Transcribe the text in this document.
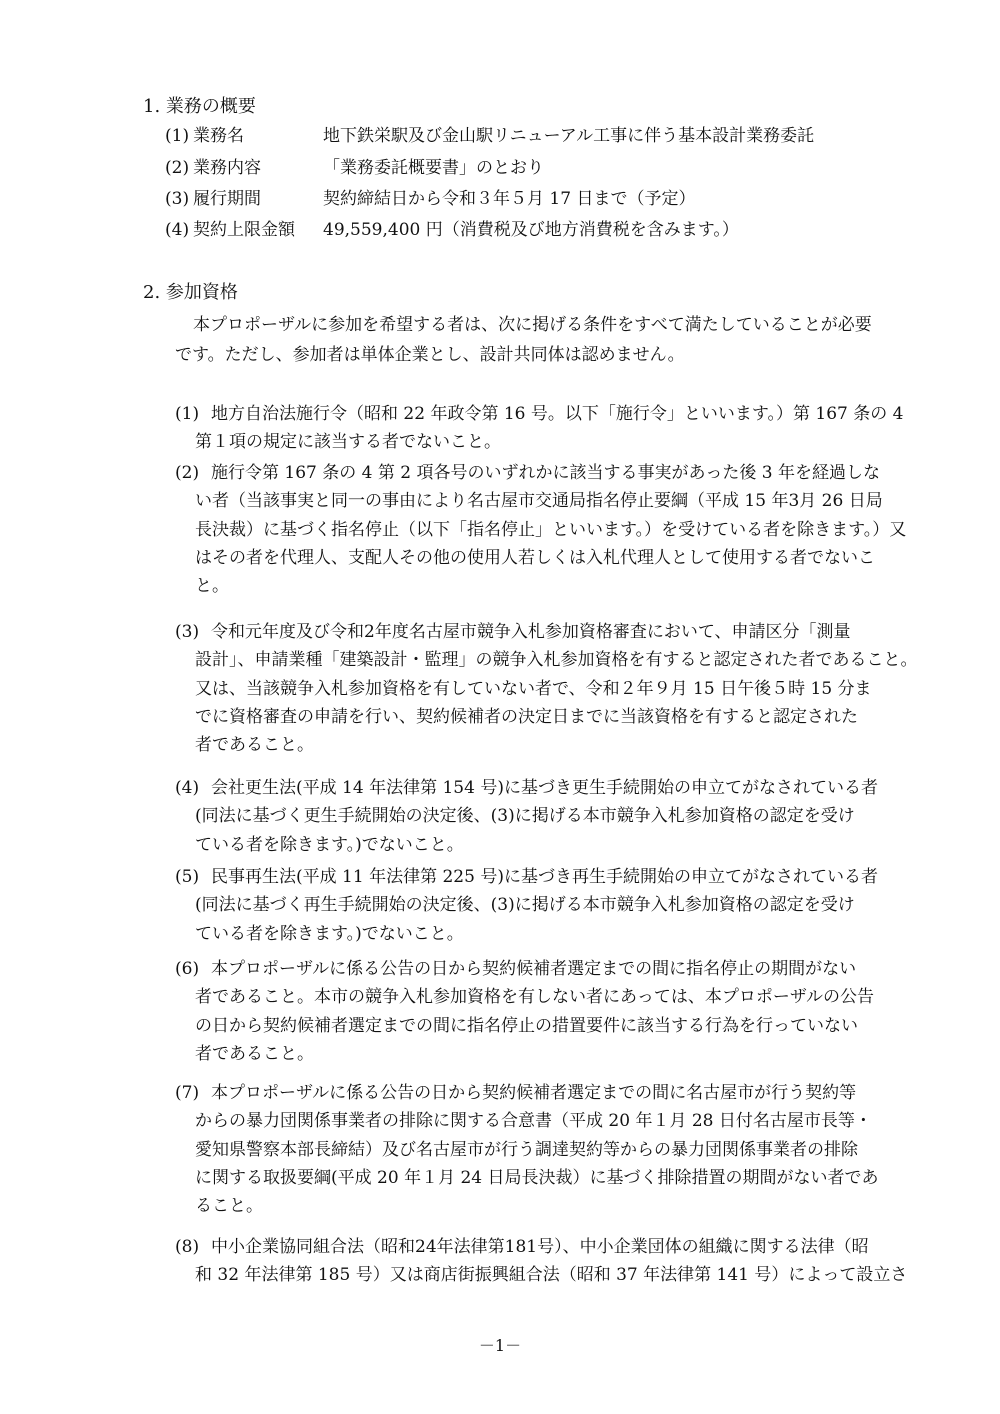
1. 業務の概要
(1) 業務名	地下鉄栄駅及び金山駅リニューアル工事に伴う基本設計業務委託
(2) 業務内容	「業務委託概要書」のとおり
(3) 履行期間	契約締結日から令和３年５月 17 日まで（予定）
(4) 契約上限金額 49,559,400 円（消費税及び地方消費税を含みます。）
2. 参加資格
本プロポーザルに参加を希望する者は、次に掲げる条件をすべて満たしていることが必要
です。ただし、参加者は単体企業とし、設計共同体は認めません。
(1) 地方自治法施行令（昭和 22 年政令第 16 号。以下「施行令」といいます。）第 167 条の 4
第１項の規定に該当する者でないこと。
(2) 施行令第 167 条の 4 第 2 項各号のいずれかに該当する事実があった後 3 年を経過しな
い者（当該事実と同一の事由により名古屋市交通局指名停止要綱（平成 15 年3月 26 日局
長決裁）に基づく指名停止（以下「指名停止」といいます。）を受けている者を除きます。）又
はその者を代理人、支配人その他の使用人若しくは入札代理人として使用する者でないこ
と。
(3) 令和元年度及び令和2年度名古屋市競争入札参加資格審査において、申請区分「測量
設計」、申請業種「建築設計・監理」の競争入札参加資格を有すると認定された者であること。
又は、当該競争入札参加資格を有していない者で、令和２年９月 15 日午後５時 15 分ま
でに資格審査の申請を行い、契約候補者の決定日までに当該資格を有すると認定された
者であること。
(4) 会社更生法(平成 14 年法律第 154 号)に基づき更生手続開始の申立てがなされている者
(同法に基づく更生手続開始の決定後、(3)に掲げる本市競争入札参加資格の認定を受け
ている者を除きます。)でないこと。
(5) 民事再生法(平成 11 年法律第 225 号)に基づき再生手続開始の申立てがなされている者
(同法に基づく再生手続開始の決定後、(3)に掲げる本市競争入札参加資格の認定を受け
ている者を除きます。)でないこと。
(6) 本プロポーザルに係る公告の日から契約候補者選定までの間に指名停止の期間がない
者であること。本市の競争入札参加資格を有しない者にあっては、本プロポーザルの公告
の日から契約候補者選定までの間に指名停止の措置要件に該当する行為を行っていない
者であること。
(7) 本プロポーザルに係る公告の日から契約候補者選定までの間に名古屋市が行う契約等
からの暴力団関係事業者の排除に関する合意書（平成 20 年１月 28 日付名古屋市長等・
愛知県警察本部長締結）及び名古屋市が行う調達契約等からの暴力団関係事業者の排除
に関する取扱要綱(平成 20 年１月 24 日局長決裁）に基づく排除措置の期間がない者であ
ること。
(8) 中小企業協同組合法（昭和24年法律第181号）、中小企業団体の組織に関する法律（昭
和 32 年法律第 185 号）又は商店街振興組合法（昭和 37 年法律第 141 号）によって設立さ
－1－
